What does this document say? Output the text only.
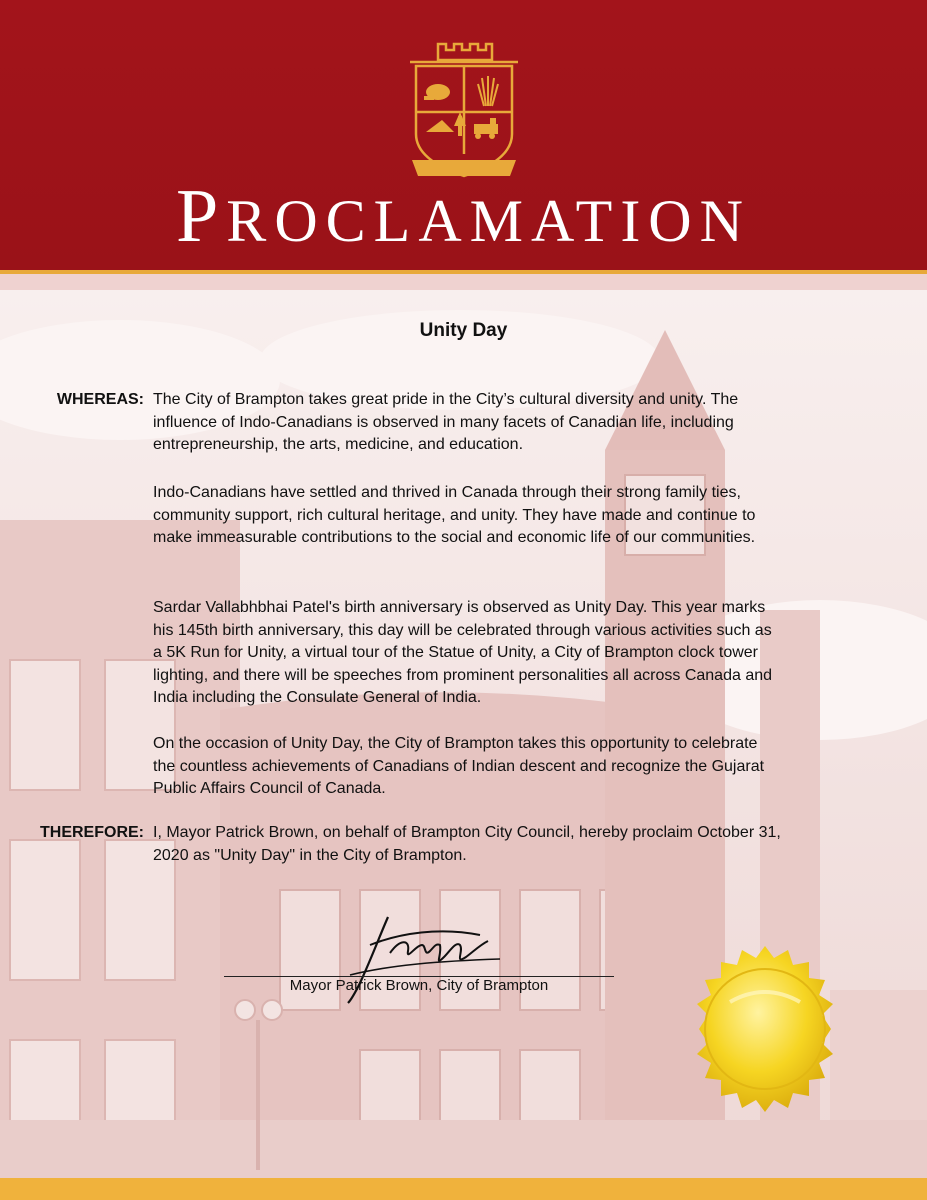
PROCLAMATION
Unity Day
WHEREAS: The City of Brampton takes great pride in the City’s cultural diversity and unity. The influence of Indo-Canadians is observed in many facets of Canadian life, including entrepreneurship, the arts, medicine, and education.

Indo-Canadians have settled and thrived in Canada through their strong family ties, community support, rich cultural heritage, and unity. They have made and continue to make immeasurable contributions to the social and economic life of our communities.

Sardar Vallabhbhai Patel's birth anniversary is observed as Unity Day. This year marks his 145th birth anniversary, this day will be celebrated through various activities such as a 5K Run for Unity, a virtual tour of the Statue of Unity, a City of Brampton clock tower lighting, and there will be speeches from prominent personalities all across Canada and India including the Consulate General of India.

On the occasion of Unity Day, the City of Brampton takes this opportunity to celebrate the countless achievements of Canadians of Indian descent and recognize the Gujarat Public Affairs Council of Canada.

THEREFORE: I, Mayor Patrick Brown, on behalf of Brampton City Council, hereby proclaim October 31, 2020 as "Unity Day" in the City of Brampton.

Mayor Patrick Brown, City of Brampton
